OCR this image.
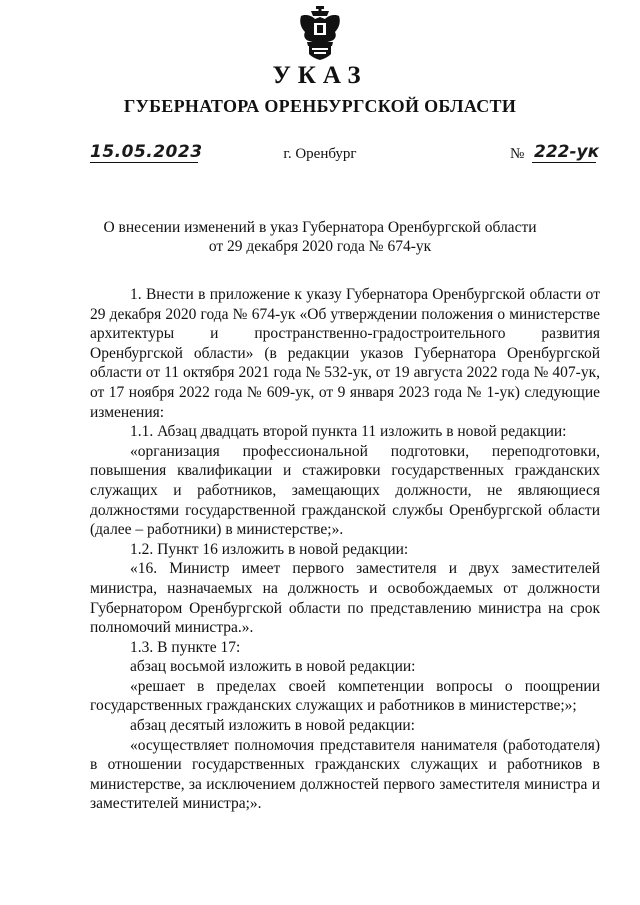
УКАЗ
ГУБЕРНАТОРА ОРЕНБУРГСКОЙ ОБЛАСТИ
15.05.2023	г. Оренбург	№ 222-ук
О внесении изменений в указ Губернатора Оренбургской области
от 29 декабря 2020 года № 674-ук

1. Внести в приложение к указу Губернатора Оренбургской области от 29 декабря 2020 года № 674-ук «Об утверждении положения о министерстве архитектуры и пространственно-градостроительного развития Оренбургской области» (в редакции указов Губернатора Оренбургской области от 11 октября 2021 года № 532-ук, от 19 августа 2022 года № 407-ук, от 17 ноября 2022 года № 609-ук, от 9 января 2023 года № 1-ук) следующие изменения:

1.1. Абзац двадцать второй пункта 11 изложить в новой редакции:

«организация профессиональной подготовки, переподготовки, повышения квалификации и стажировки государственных гражданских служащих и работников, замещающих должности, не являющиеся должностями государственной гражданской службы Оренбургской области (далее – работники) в министерстве;».

1.2. Пункт 16 изложить в новой редакции:

«16. Министр имеет первого заместителя и двух заместителей министра, назначаемых на должность и освобождаемых от должности Губернатором Оренбургской области по представлению министра на срок полномочий министра.».

1.3. В пункте 17:

абзац восьмой изложить в новой редакции:

«решает в пределах своей компетенции вопросы о поощрении государственных гражданских служащих и работников в министерстве;»;

абзац десятый изложить в новой редакции:

«осуществляет полномочия представителя нанимателя (работодателя) в отношении государственных гражданских служащих и работников в министерстве, за исключением должностей первого заместителя министра и заместителей министра;».
